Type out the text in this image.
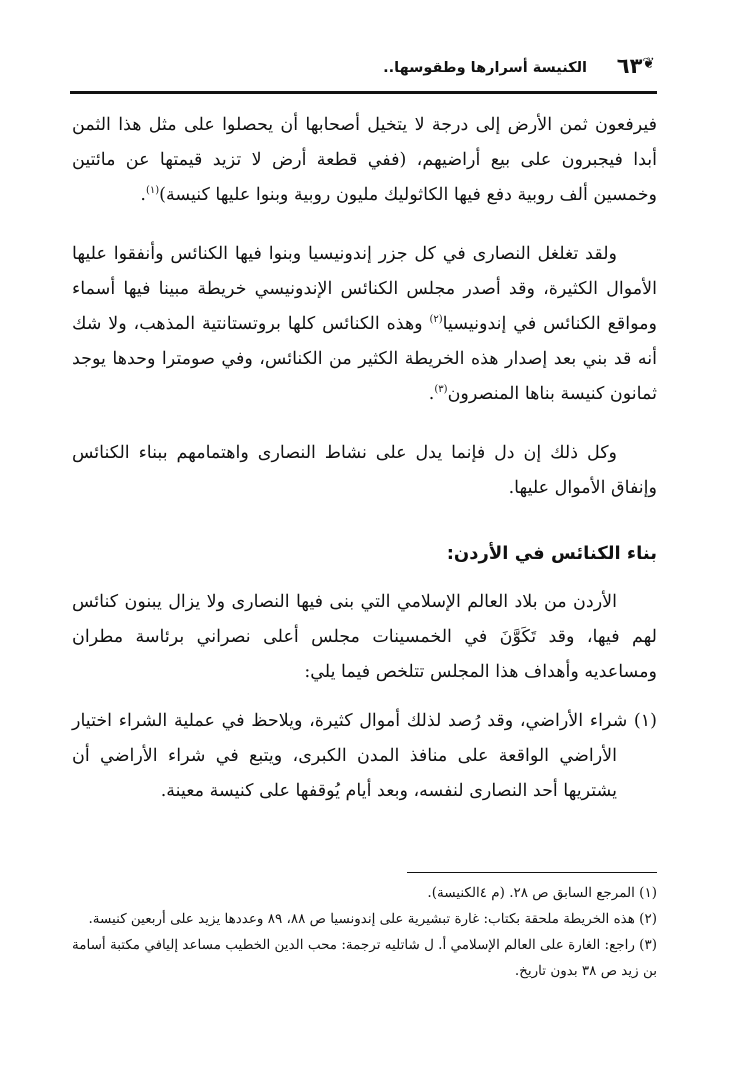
❦٦٣
الكنيسة أسرارها وطقوسها..

فيرفعون ثمن الأرض إلى درجة لا يتخيل أصحابها أن يحصلوا على مثل هذا الثمن أبدا فيجبرون على بيع أراضيهم، (ففي قطعة أرض لا تزيد قيمتها عن مائتين وخمسين ألف روبية دفع فيها الكاثوليك مليون روبية وبنوا عليها كنيسة)$^{(١)}$.

ولقد تغلغل النصارى في كل جزر إندونيسيا وبنوا فيها الكنائس وأنفقوا عليها الأموال الكثيرة، وقد أصدر مجلس الكنائس الإندونيسي خريطة مبينا فيها أسماء ومواقع الكنائس في إندونيسيا$^{(٢)}$ وهذه الكنائس كلها بروتستانتية المذهب، ولا شك أنه قد بني بعد إصدار هذه الخريطة الكثير من الكنائس، وفي صومترا وحدها يوجد ثمانون كنيسة بناها المنصرون$^{(٣)}$.

وكل ذلك إن دل فإنما يدل على نشاط النصارى واهتمامهم ببناء الكنائس وإنفاق الأموال عليها.

بناء الكنائس في الأردن:

الأردن من بلاد العالم الإسلامي التي بنى فيها النصارى ولا يزال يبنون كنائس لهم فيها، وقد تَكَوَّنَ في الخمسينات مجلس أعلى نصراني برئاسة مطران ومساعديه وأهداف هذا المجلس تتلخص فيما يلي:

(١) شراء الأراضي، وقد رُصد لذلك أموال كثيرة، ويلاحظ في عملية الشراء اختيار الأراضي الواقعة على منافذ المدن الكبرى، ويتبع في شراء الأراضي أن يشتريها أحد النصارى لنفسه، وبعد أيام يُوقفها على كنيسة معينة.

(١) المرجع السابق ص ٢٨. (م ٤الكنيسة).

(٢) هذه الخريطة ملحقة بكتاب: غارة تبشيرية على إندونسيا ص ٨٨، ٨٩ وعددها يزيد على أربعين كنيسة.

(٣) راجع: الغارة على العالم الإسلامي أ. ل شاتليه ترجمة: محب الدين الخطيب مساعد إليافي مكتبة أسامة بن زيد ص ٣٨ بدون تاريخ.
